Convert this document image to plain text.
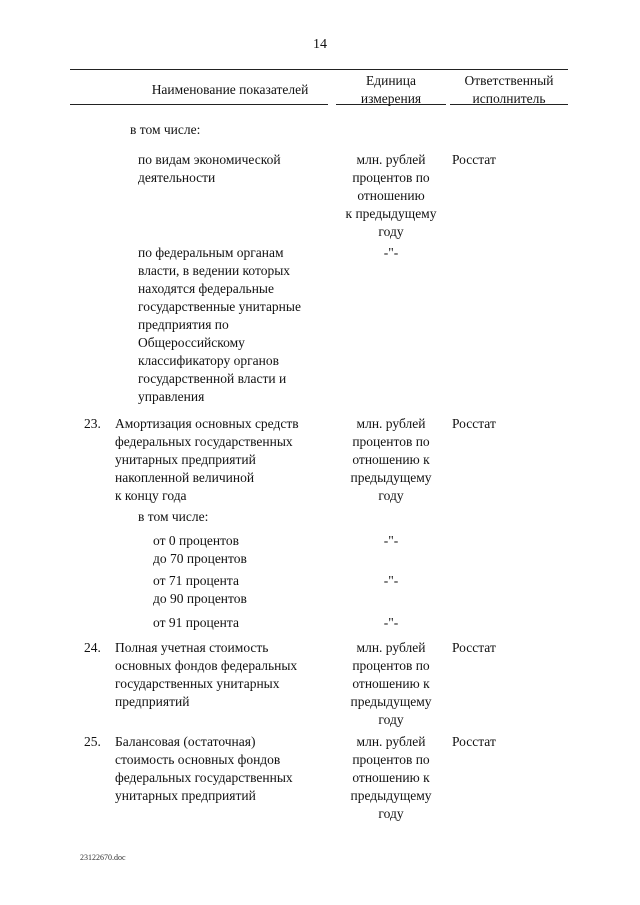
14
Наименование показателей
Единица
измерения
Ответственный
исполнитель
в том числе:
по видам экономической
деятельности
млн. рублей
процентов по
отношению
к предыдущему
году
Росстат
по федеральным органам
власти, в ведении которых
находятся федеральные
государственные унитарные
предприятия по
Общероссийскому
классификатору органов
государственной власти и
управления
-"-
23. Амортизация основных средств
федеральных государственных
унитарных предприятий
накопленной величиной
к концу года
млн. рублей
процентов по
отношению к
предыдущему
году
Росстат
в том числе:
от 0 процентов
до 70 процентов
-"-
от 71 процента
до 90 процентов
-"-
от 91 процента	-"-
24. Полная учетная стоимость
основных фондов федеральных
государственных унитарных
предприятий
млн. рублей
процентов по
отношению к
предыдущему
году
Росстат
25. Балансовая (остаточная)
стоимость основных фондов
федеральных государственных
унитарных предприятий
млн. рублей
процентов по
отношению к
предыдущему
году
Росстат
23122670.doc
